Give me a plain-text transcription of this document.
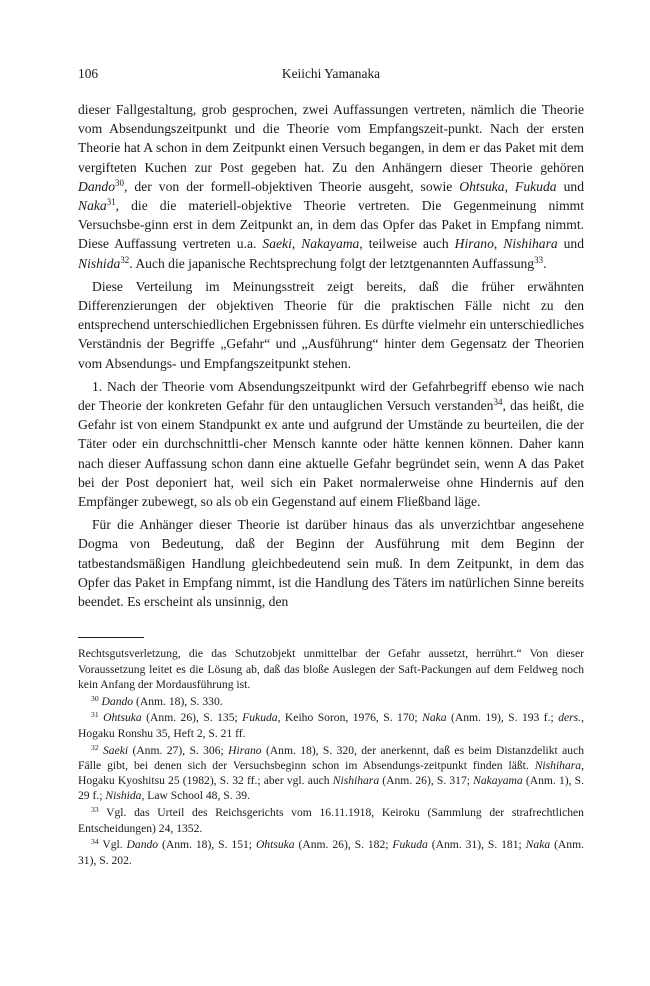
106	Keiichi Yamanaka

dieser Fallgestaltung, grob gesprochen, zwei Auffassungen vertreten, nämlich die Theorie vom Absendungszeitpunkt und die Theorie vom Empfangszeit-punkt. Nach der ersten Theorie hat A schon in dem Zeitpunkt einen Versuch begangen, in dem er das Paket mit dem vergifteten Kuchen zur Post gegeben hat. Zu den Anhängern dieser Theorie gehören Dando$^{30}$, der von der formell-objektiven Theorie ausgeht, sowie Ohtsuka, Fukuda und Naka$^{31}$, die die materiell-objektive Theorie vertreten. Die Gegenmeinung nimmt Versuchsbe-ginn erst in dem Zeitpunkt an, in dem das Opfer das Paket in Empfang nimmt. Diese Auffassung vertreten u.a. Saeki, Nakayama, teilweise auch Hirano, Nishihara und Nishida$^{32}$. Auch die japanische Rechtsprechung folgt der letztgenannten Auffassung$^{33}$.

Diese Verteilung im Meinungsstreit zeigt bereits, daß die früher erwähnten Differenzierungen der objektiven Theorie für die praktischen Fälle nicht zu den entsprechend unterschiedlichen Ergebnissen führen. Es dürfte vielmehr ein unterschiedliches Verständnis der Begriffe „Gefahr“ und „Ausführung“ hinter dem Gegensatz der Theorien vom Absendungs- und Empfangszeitpunkt stehen.

1. Nach der Theorie vom Absendungszeitpunkt wird der Gefahrbegriff ebenso wie nach der Theorie der konkreten Gefahr für den untauglichen Versuch verstanden$^{34}$, das heißt, die Gefahr ist von einem Standpunkt ex ante und aufgrund der Umstände zu beurteilen, die der Täter oder ein durchschnittli-cher Mensch kannte oder hätte kennen können. Daher kann nach dieser Auffassung schon dann eine aktuelle Gefahr begründet sein, wenn A das Paket bei der Post deponiert hat, weil sich ein Paket normalerweise ohne Hindernis auf den Empfänger zubewegt, so als ob ein Gegenstand auf einem Fließband läge.

Für die Anhänger dieser Theorie ist darüber hinaus das als unverzichtbar angesehene Dogma von Bedeutung, daß der Beginn der Ausführung mit dem Beginn der tatbestandsmäßigen Handlung gleichbedeutend sein muß. In dem Zeitpunkt, in dem das Opfer das Paket in Empfang nimmt, ist die Handlung des Täters im natürlichen Sinne bereits beendet. Es erscheint als unsinnig, den

Rechtsgutsverletzung, die das Schutzobjekt unmittelbar der Gefahr aussetzt, herrührt.“ Von dieser Voraussetzung leitet es die Lösung ab, daß das bloße Auslegen der Saft-Packungen auf dem Feldweg noch kein Anfang der Mordausführung ist.

$^{30}$ Dando (Anm. 18), S. 330.

$^{31}$ Ohtsuka (Anm. 26), S. 135; Fukuda, Keiho Soron, 1976, S. 170; Naka (Anm. 19), S. 193 f.; ders., Hogaku Ronshu 35, Heft 2, S. 21 ff.

$^{32}$ Saeki (Anm. 27), S. 306; Hirano (Anm. 18), S. 320, der anerkennt, daß es beim Distanzdelikt auch Fälle gibt, bei denen sich der Versuchsbeginn schon im Absendungs-zeitpunkt finden läßt. Nishihara, Hogaku Kyoshitsu 25 (1982), S. 32 ff.; aber vgl. auch Nishihara (Anm. 26), S. 317; Nakayama (Anm. 1), S. 29 f.; Nishida, Law School 48, S. 39.

$^{33}$ Vgl. das Urteil des Reichsgerichts vom 16.11.1918, Keiroku (Sammlung der strafrechtlichen Entscheidungen) 24, 1352.

$^{34}$ Vgl. Dando (Anm. 18), S. 151; Ohtsuka (Anm. 26), S. 182; Fukuda (Anm. 31), S. 181; Naka (Anm. 31), S. 202.
